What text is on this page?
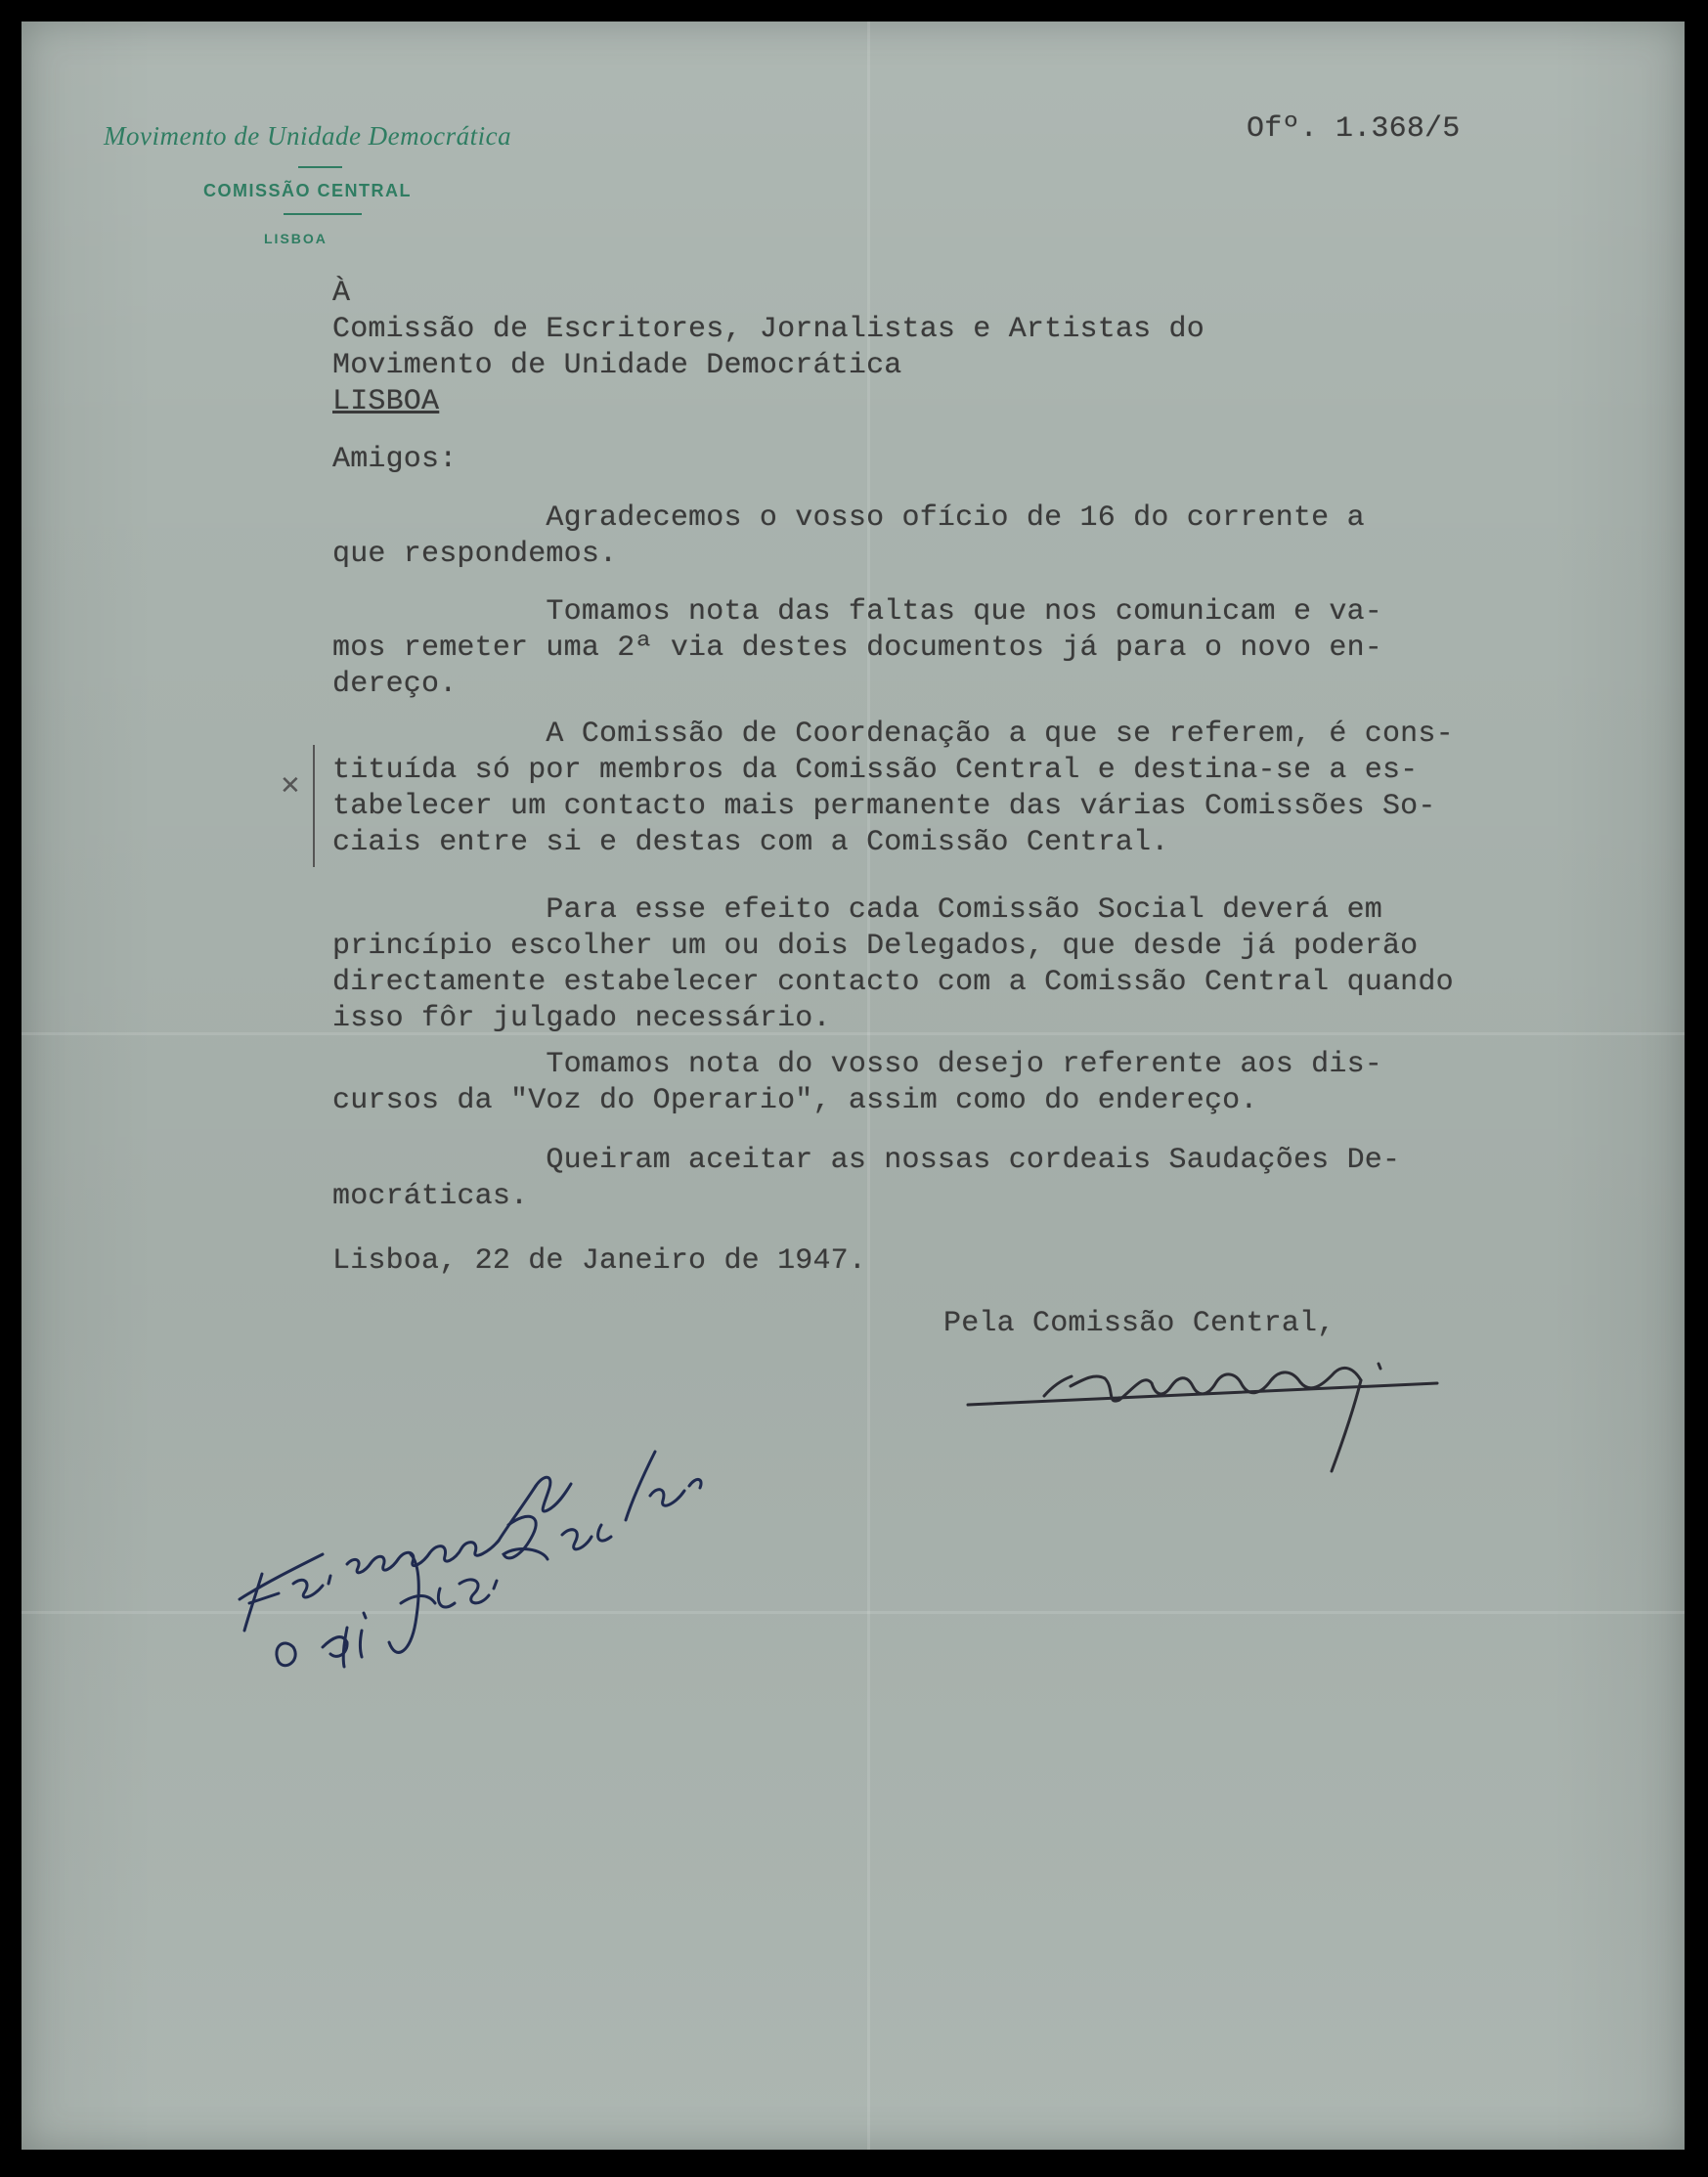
Movimento de Unidade Democrática
COMISSÃO CENTRAL
LISBOA
Ofº. 1.368/5
À
Comissão de Escritores, Jornalistas e Artistas do
Movimento de Unidade Democrática
LISBOA
Amigos:
Agradecemos o vosso ofício de 16 do corrente a
que respondemos.
Tomamos nota das faltas que nos comunicam e va-
mos remeter uma 2ª via destes documentos já para o novo en-
dereço.
A Comissão de Coordenação a que se referem, é cons-
tituída só por membros da Comissão Central e destina-se a es-
tabelecer um contacto mais permanente das várias Comissões So-
ciais entre si e destas com a Comissão Central.
✕
Para esse efeito cada Comissão Social deverá em
princípio escolher um ou dois Delegados, que desde já poderão
directamente estabelecer contacto com a Comissão Central quando
isso fôr julgado necessário.
Tomamos nota do vosso desejo referente aos dis-
cursos da "Voz do Operario", assim como do endereço.
Queiram aceitar as nossas cordeais Saudações De-
mocráticas.
Lisboa, 22 de Janeiro de 1947.
Pela Comissão Central,
